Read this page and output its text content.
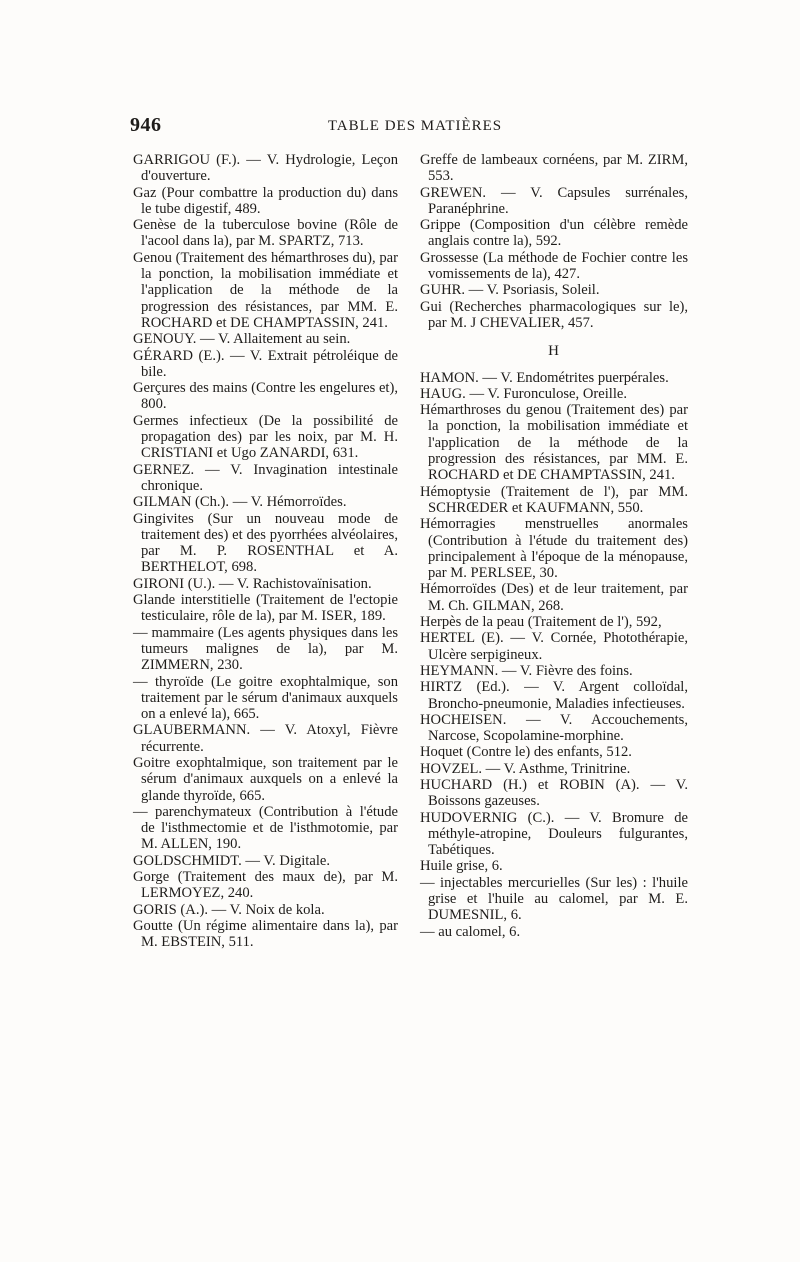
946	TABLE DES MATIÈRES

GARRIGOU (F.). — V. Hydrologie, Leçon d'ouverture.

Gaz (Pour combattre la production du) dans le tube digestif, 489.

Genèse de la tuberculose bovine (Rôle de l'acool dans la), par M. SPARTZ, 713.

Genou (Traitement des hémarthroses du), par la ponction, la mobilisation immédiate et l'application de la méthode de la progression des résistances, par MM. E. ROCHARD et DE CHAMPTASSIN, 241.

GENOUY. — V. Allaitement au sein.

GÉRARD (E.). — V. Extrait pétroléique de bile.

Gerçures des mains (Contre les engelures et), 800.

Germes infectieux (De la possibilité de propagation des) par les noix, par M. H. CRISTIANI et Ugo ZANARDI, 631.

GERNEZ. — V. Invagination intestinale chronique.

GILMAN (Ch.). — V. Hémorroïdes.

Gingivites (Sur un nouveau mode de traitement des) et des pyorrhées alvéolaires, par M. P. ROSENTHAL et A. BERTHELOT, 698.

GIRONI (U.). — V. Rachistovaïnisation.

Glande interstitielle (Traitement de l'ectopie testiculaire, rôle de la), par M. ISER, 189.

— mammaire (Les agents physiques dans les tumeurs malignes de la), par M. ZIMMERN, 230.

— thyroïde (Le goitre exophtalmique, son traitement par le sérum d'animaux auxquels on a enlevé la), 665.

GLAUBERMANN. — V. Atoxyl, Fièvre récurrente.

Goitre exophtalmique, son traitement par le sérum d'animaux auxquels on a enlevé la glande thyroïde, 665.

— parenchymateux (Contribution à l'étude de l'isthmectomie et de l'isthmotomie, par M. ALLEN, 190.

GOLDSCHMIDT. — V. Digitale.

Gorge (Traitement des maux de), par M. LERMOYEZ, 240.

GORIS (A.). — V. Noix de kola.

Goutte (Un régime alimentaire dans la), par M. EBSTEIN, 511.

Greffe de lambeaux cornéens, par M. ZIRM, 553.

GREWEN. — V. Capsules surrénales, Paranéphrine.

Grippe (Composition d'un célèbre remède anglais contre la), 592.

Grossesse (La méthode de Fochier contre les vomissements de la), 427.

GUHR. — V. Psoriasis, Soleil.

Gui (Recherches pharmacologiques sur le), par M. J CHEVALIER, 457.

H

HAMON. — V. Endométrites puerpérales.

HAUG. — V. Furonculose, Oreille.

Hémarthroses du genou (Traitement des) par la ponction, la mobilisation immédiate et l'application de la méthode de la progression des résistances, par MM. E. ROCHARD et DE CHAMPTASSIN, 241.

Hémoptysie (Traitement de l'), par MM. SCHRŒDER et KAUFMANN, 550.

Hémorragies menstruelles anormales (Contribution à l'étude du traitement des) principalement à l'époque de la ménopause, par M. PERLSEE, 30.

Hémorroïdes (Des) et de leur traitement, par M. Ch. GILMAN, 268.

Herpès de la peau (Traitement de l'), 592,

HERTEL (E). — V. Cornée, Photothérapie, Ulcère serpigineux.

HEYMANN. — V. Fièvre des foins.

HIRTZ (Ed.). — V. Argent colloïdal, Broncho-pneumonie, Maladies infectieuses.

HOCHEISEN. — V. Accouchements, Narcose, Scopolamine-morphine.

Hoquet (Contre le) des enfants, 512.

HOVZEL. — V. Asthme, Trinitrine.

HUCHARD (H.) et ROBIN (A). — V. Boissons gazeuses.

HUDOVERNIG (C.). — V. Bromure de méthyle-atropine, Douleurs fulgurantes, Tabétiques.

Huile grise, 6.

— injectables mercurielles (Sur les) : l'huile grise et l'huile au calomel, par M. E. DUMESNIL, 6.

— au calomel, 6.
